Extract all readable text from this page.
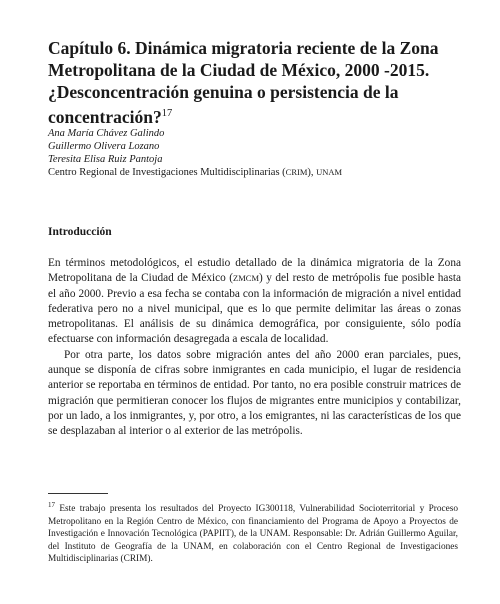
Capítulo 6. Dinámica migratoria reciente de la Zona Metropolitana de la Ciudad de México, 2000 -2015. ¿Desconcentración genuina o persistencia de la concentración?$^{17}$
Ana María Chávez Galindo
Guillermo Olivera Lozano
Teresita Elisa Ruiz Pantoja
Centro Regional de Investigaciones Multidisciplinarias (CRIM), UNAM
Introducción

En términos metodológicos, el estudio detallado de la dinámica migratoria de la Zona Metropolitana de la Ciudad de México (ZMCM) y del resto de metrópolis fue posible hasta el año 2000. Previo a esa fecha se contaba con la información de migración a nivel entidad federativa pero no a nivel municipal, que es lo que permite delimitar las áreas o zonas metropolitanas. El análisis de su dinámica demográfica, por consiguiente, sólo podía efectuarse con información desagregada a escala de localidad.

Por otra parte, los datos sobre migración antes del año 2000 eran parciales, pues, aunque se disponía de cifras sobre inmigrantes en cada municipio, el lugar de residencia anterior se reportaba en términos de entidad. Por tanto, no era posible construir matrices de migración que permitieran conocer los flujos de migrantes entre municipios y contabilizar, por un lado, a los inmigrantes, y, por otro, a los emigrantes, ni las características de los que se desplazaban al interior o al exterior de las metrópolis.

$^{17}$ Este trabajo presenta los resultados del Proyecto IG300118, Vulnerabilidad Socioterritorial y Proceso Metropolitano en la Región Centro de México, con financiamiento del Programa de Apoyo a Proyectos de Investigación e Innovación Tecnológica (PAPIIT), de la UNAM. Responsable: Dr. Adrián Guillermo Aguilar, del Instituto de Geografía de la UNAM, en colaboración con el Centro Regional de Investigaciones Multidisciplinarias (CRIM).
